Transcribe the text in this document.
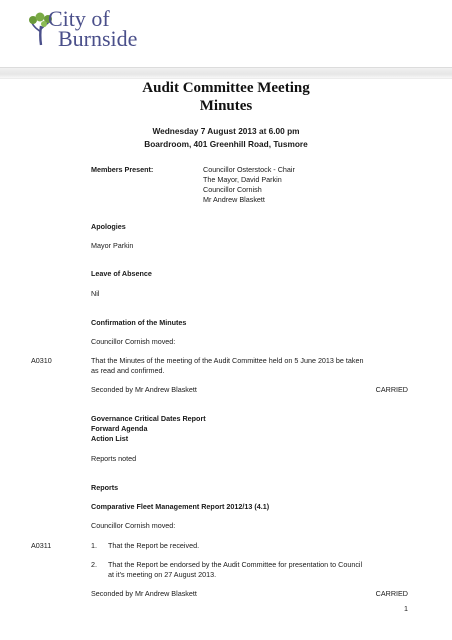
City of
Burnside
Audit Committee Meeting
Minutes
Wednesday 7 August 2013 at 6.00 pm
Boardroom, 401 Greenhill Road, Tusmore
Members Present:	Councillor Osterstock - Chair
The Mayor, David Parkin
Councillor Cornish
Mr Andrew Blaskett
Apologies
Mayor Parkin
Leave of Absence
Nil
Confirmation of the Minutes
Councillor Cornish moved:
A0310	That the Minutes of the meeting of the Audit Committee held on 5 June 2013 be taken
as read and confirmed.
Seconded by Mr Andrew Blaskett	CARRIED
Governance Critical Dates Report
Forward Agenda
Action List
Reports noted
Reports
Comparative Fleet Management Report 2012/13 (4.1)
Councillor Cornish moved:
A0311	1. That the Report be received.
2. That the Report be endorsed by the Audit Committee for presentation to Council
at it’s meeting on 27 August 2013.
Seconded by Mr Andrew Blaskett	CARRIED
1
